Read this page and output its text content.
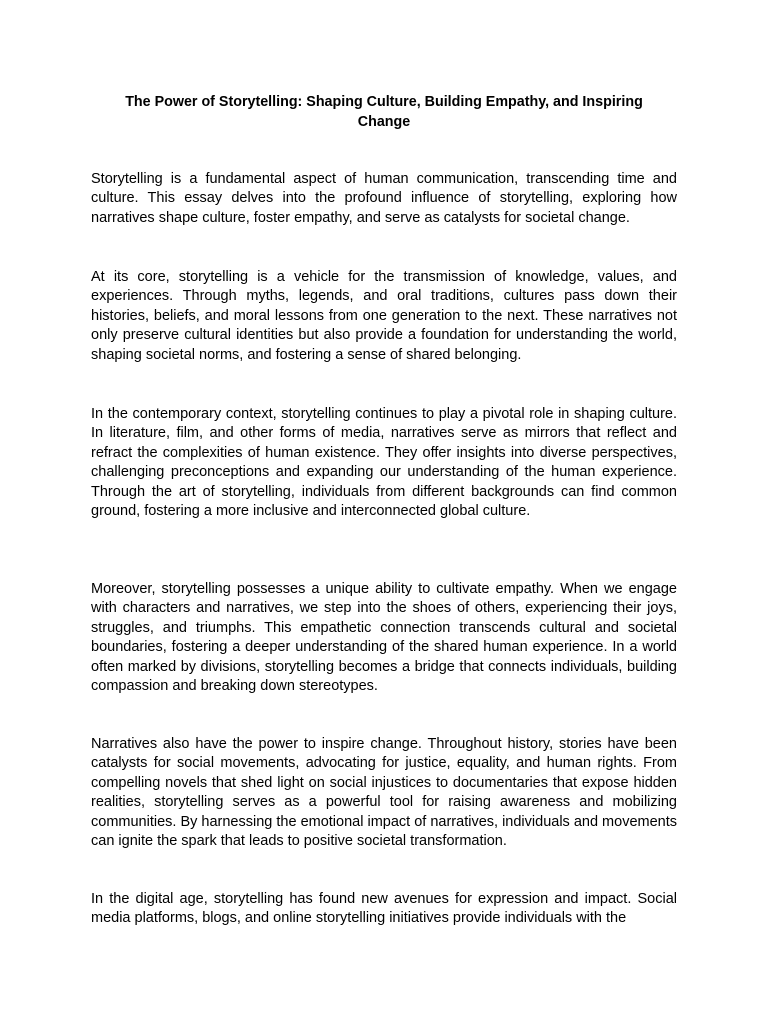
The Power of Storytelling: Shaping Culture, Building Empathy, and Inspiring Change

Storytelling is a fundamental aspect of human communication, transcending time and culture. This essay delves into the profound influence of storytelling, exploring how narratives shape culture, foster empathy, and serve as catalysts for societal change.

At its core, storytelling is a vehicle for the transmission of knowledge, values, and experiences. Through myths, legends, and oral traditions, cultures pass down their histories, beliefs, and moral lessons from one generation to the next. These narratives not only preserve cultural identities but also provide a foundation for understanding the world, shaping societal norms, and fostering a sense of shared belonging.

In the contemporary context, storytelling continues to play a pivotal role in shaping culture. In literature, film, and other forms of media, narratives serve as mirrors that reflect and refract the complexities of human existence. They offer insights into diverse perspectives, challenging preconceptions and expanding our understanding of the human experience. Through the art of storytelling, individuals from different backgrounds can find common ground, fostering a more inclusive and interconnected global culture.

Moreover, storytelling possesses a unique ability to cultivate empathy. When we engage with characters and narratives, we step into the shoes of others, experiencing their joys, struggles, and triumphs. This empathetic connection transcends cultural and societal boundaries, fostering a deeper understanding of the shared human experience. In a world often marked by divisions, storytelling becomes a bridge that connects individuals, building compassion and breaking down stereotypes.

Narratives also have the power to inspire change. Throughout history, stories have been catalysts for social movements, advocating for justice, equality, and human rights. From compelling novels that shed light on social injustices to documentaries that expose hidden realities, storytelling serves as a powerful tool for raising awareness and mobilizing communities. By harnessing the emotional impact of narratives, individuals and movements can ignite the spark that leads to positive societal transformation.

In the digital age, storytelling has found new avenues for expression and impact. Social media platforms, blogs, and online storytelling initiatives provide individuals with the
